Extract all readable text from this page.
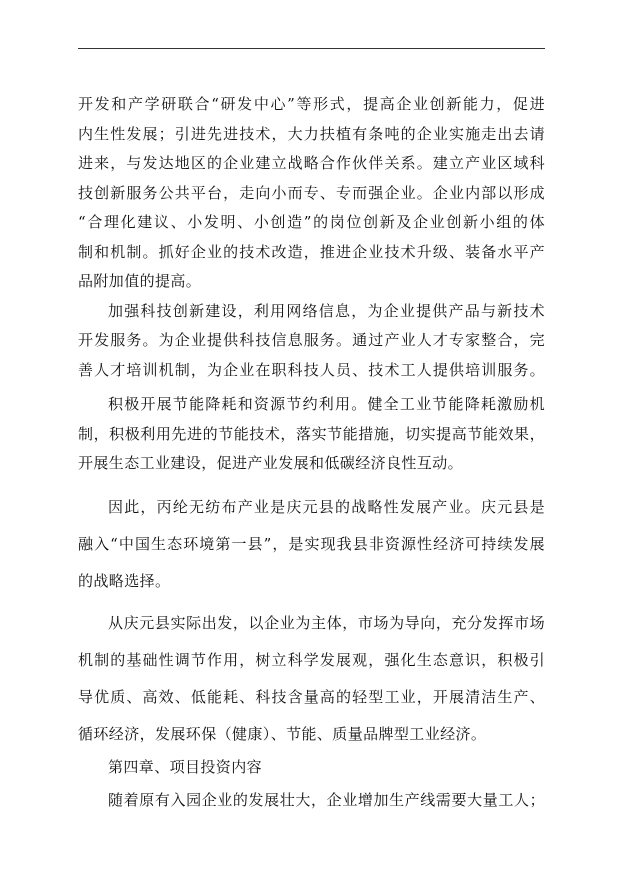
开发和产学研联合“研发中心”等形式，提高企业创新能力，促进
内生性发展；引进先进技术，大力扶植有条吨的企业实施走出去请
进来，与发达地区的企业建立战略合作伙伴关系。建立产业区域科
技创新服务公共平台，走向小而专、专而强企业。企业内部以形成
“合理化建议、小发明、小创造”的岗位创新及企业创新小组的体
制和机制。抓好企业的技术改造，推进企业技术升级、装备水平产
品附加值的提高。
加强科技创新建设，利用网络信息，为企业提供产品与新技术
开发服务。为企业提供科技信息服务。通过产业人才专家整合，完
善人才培训机制，为企业在职科技人员、技术工人提供培训服务。
积极开展节能降耗和资源节约利用。健全工业节能降耗激励机
制，积极利用先进的节能技术，落实节能措施，切实提高节能效果，
开展生态工业建设，促进产业发展和低碳经济良性互动。
因此，丙纶无纺布产业是庆元县的战略性发展产业。庆元县是
融入“中国生态环境第一县”，是实现我县非资源性经济可持续发展
的战略选择。
从庆元县实际出发，以企业为主体，市场为导向，充分发挥市场
机制的基础性调节作用，树立科学发展观，强化生态意识，积极引
导优质、高效、低能耗、科技含量高的轻型工业，开展清洁生产、
循环经济，发展环保（健康）、节能、质量品牌型工业经济。
第四章、项目投资内容
随着原有入园企业的发展壮大，企业增加生产线需要大量工人；
